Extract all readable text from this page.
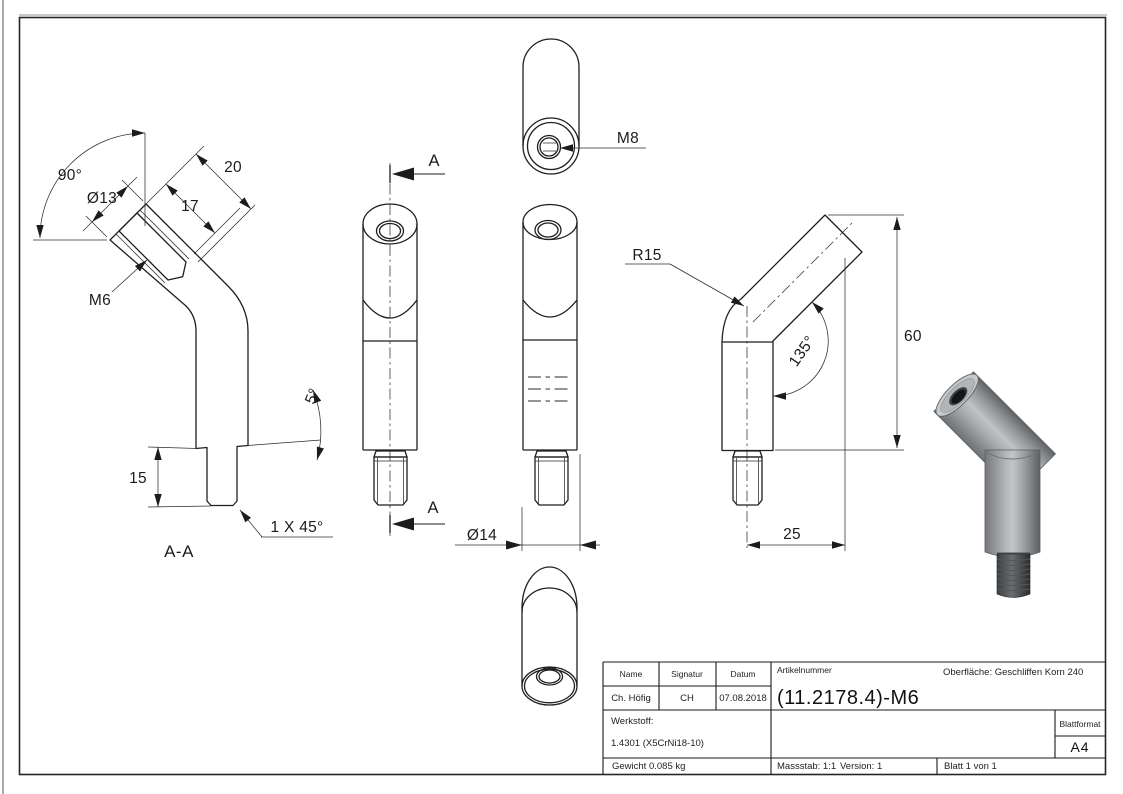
90°
Ø13	17
20
M6
5°
15
1 X 45°
A-A
A
A
Ø14
M8
R15
135°	60
25
Name	Signatur	Datum
Ch. Höfig	CH	07.08.2018
Artikelnummer
(11.2178.4)-M6
Oberfläche: Geschliffen Korn 240
Werkstoff:
1.4301 (X5CrNi18-10)
Gewicht 0.085 kg	Massstab: 1:1 Version: 1	Blatt 1 von 1
Blattformat
A4
